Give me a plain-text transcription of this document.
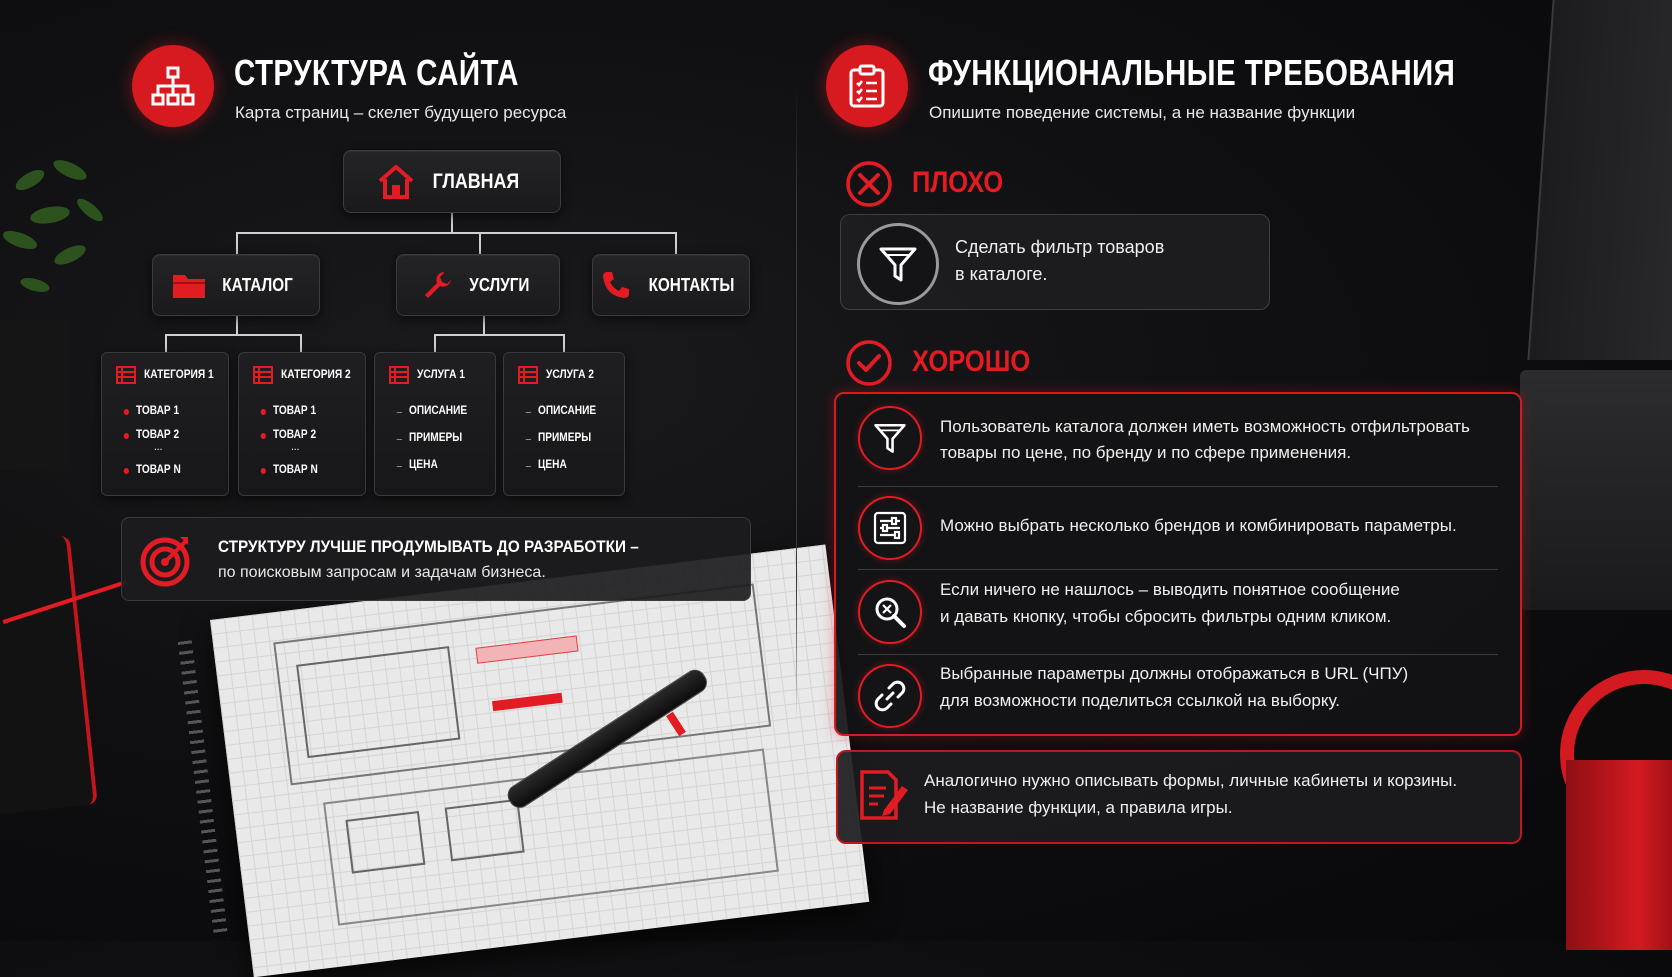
СТРУКТУРА САЙТА
Карта страниц – скелет будущего ресурса
ГЛАВНАЯ
КАТАЛОГ	УСЛУГИ	КОНТАКТЫ
КАТЕГОРИЯ 1
ТОВАР 1
ТОВАР 2
...
ТОВАР N
КАТЕГОРИЯ 2
ТОВАР 1
ТОВАР 2
...
ТОВАР N
УСЛУГА 1
ОПИСАНИЕ
ПРИМЕРЫ
ЦЕНА
УСЛУГА 2
ОПИСАНИЕ
ПРИМЕРЫ
ЦЕНА
СТРУКТУРУ ЛУЧШЕ ПРОДУМЫВАТЬ ДО РАЗРАБОТКИ –
по поисковым запросам и задачам бизнеса.
ФУНКЦИОНАЛЬНЫЕ ТРЕБОВАНИЯ
Опишите поведение системы, а не название функции
ПЛОХО
Сделать фильтр товаров
в каталоге.
ХОРОШО
Пользователь каталога должен иметь возможность отфильтровать
товары по цене, по бренду и по сфере применения.
Можно выбрать несколько брендов и комбинировать параметры.
Если ничего не нашлось – выводить понятное сообщение
и давать кнопку, чтобы сбросить фильтры одним кликом.
Выбранные параметры должны отображаться в URL (ЧПУ)
для возможности поделиться ссылкой на выборку.
Аналогично нужно описывать формы, личные кабинеты и корзины.
Не название функции, а правила игры.
